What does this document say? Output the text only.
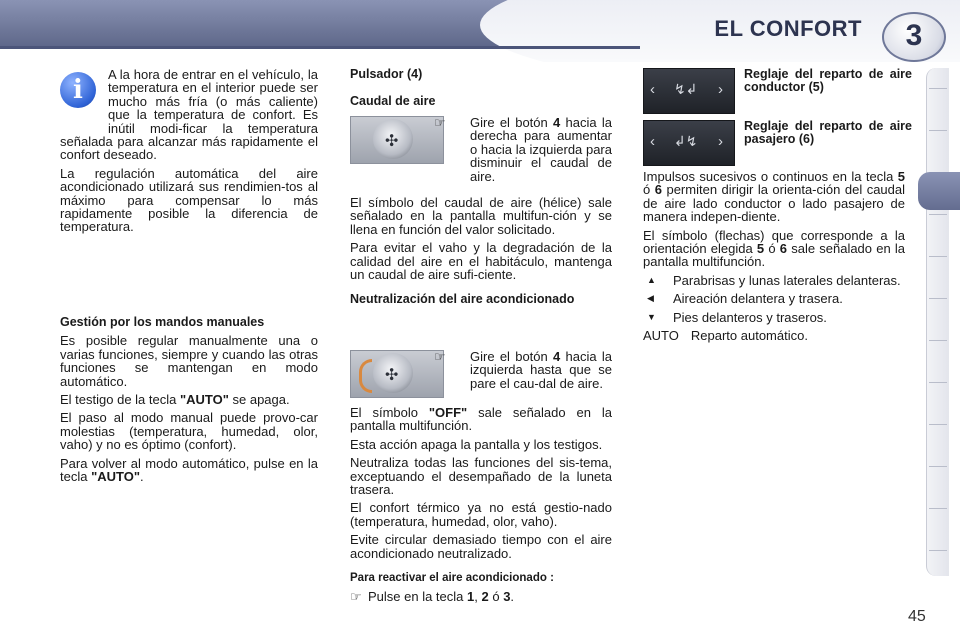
EL CONFORT	3
i

A la hora de entrar en el vehículo, la temperatura en el interior puede ser mucho más fría (o más caliente) que la temperatura de confort. Es inútil modi-ficar la temperatura señalada para alcanzar más rapidamente el confort deseado.

La regulación automática del aire acondicionado utilizará sus rendimien-tos al máximo para compensar lo más rapidamente posible la diferencia de temperatura.

Gestión por los mandos manuales

Es posible regular manualmente una o varias funciones, siempre y cuando las otras funciones se mantengan en modo automático.

El testigo de la tecla "AUTO" se apaga.

El paso al modo manual puede provo-car molestias (temperatura, humedad, olor, vaho) y no es óptimo (confort).

Para volver al modo automático, pulse en la tecla "AUTO".

Pulsador (4)

Caudal de aire

✣

☞ Gire el botón 4 hacia la derecha para aumentar o hacia la izquierda para disminuir el caudal de aire.

El símbolo del caudal de aire (hélice) sale señalado en la pantalla multifun-ción y se llena en función del valor solicitado.

Para evitar el vaho y la degradación de la calidad del aire en el habitáculo, mantenga un caudal de aire sufi-ciente.

Neutralización del aire acondicionado

✣

☞ Gire el botón 4 hacia la izquierda hasta que se pare el cau-dal de aire.

El símbolo "OFF" sale señalado en la pantalla multifunción.

Esta acción apaga la pantalla y los testigos.

Neutraliza todas las funciones del sis-tema, exceptuando el desempañado de la luneta trasera.

El confort térmico ya no está gestio-nado (temperatura, humedad, olor, vaho).

Evite circular demasiado tiempo con el aire acondicionado neutralizado.

Para reactivar el aire acondicionado :

☞ Pulse en la tecla 1, 2 ó 3.

‹ ↯↲ ›

Reglaje del reparto de aire conductor (5)

‹ ↲↯ ›

Reglaje del reparto de aire pasajero (6)

Impulsos sucesivos o continuos en la tecla 5 ó 6 permiten dirigir la orienta-ción del caudal de aire lado conductor o lado pasajero de manera indepen-diente.

El símbolo (flechas) que corresponde a la orientación elegida 5 ó 6 sale señalado en la pantalla multifunción.

▲ Parabrisas y lunas laterales delanteras.

◀ Aireación delantera y trasera.

▼ Pies delanteros y traseros.

AUTO Reparto automático.

45
